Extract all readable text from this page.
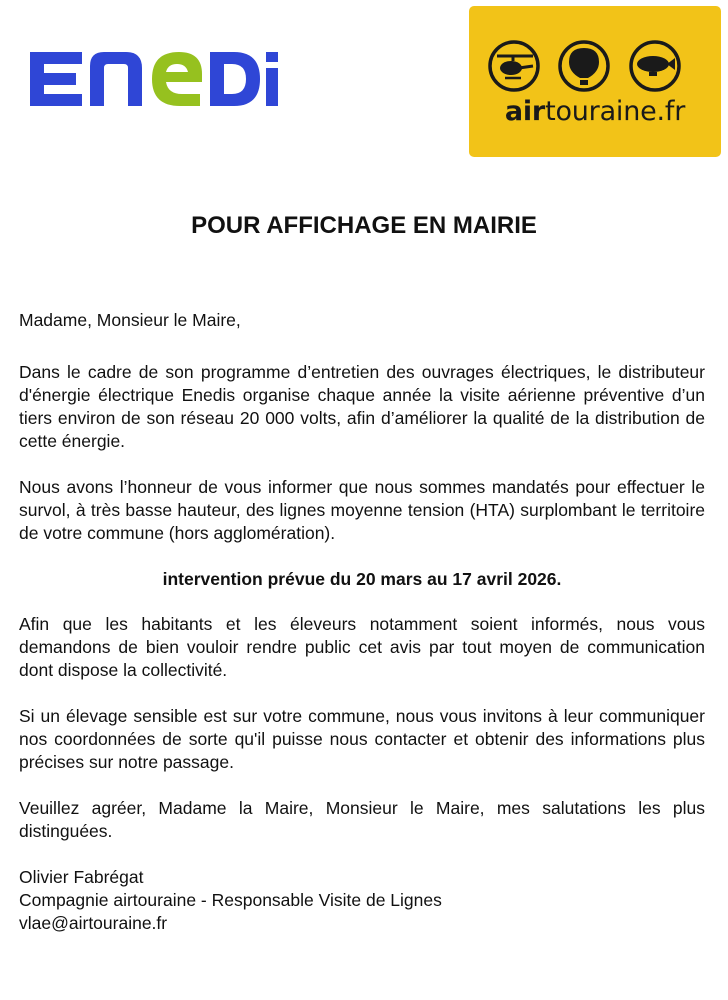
airtouraine.fr
POUR AFFICHAGE EN MAIRIE

Madame, Monsieur le Maire,

Dans le cadre de son programme d’entretien des ouvrages électriques, le distributeur d'énergie électrique Enedis organise chaque année la visite aérienne préventive d’un tiers environ de son réseau 20 000 volts, afin d’améliorer la qualité de la distribution de cette énergie.

Nous avons l’honneur de vous informer que nous sommes mandatés pour effectuer le survol, à très basse hauteur, des lignes moyenne tension (HTA) surplombant le territoire de votre commune (hors agglomération).

intervention prévue du 20 mars au 17 avril 2026.

Afin que les habitants et les éleveurs notamment soient informés, nous vous demandons de bien vouloir rendre public cet avis par tout moyen de communication dont dispose la collectivité.

Si un élevage sensible est sur votre commune, nous vous invitons à leur communiquer nos coordonnées de sorte qu'il puisse nous contacter et obtenir des informations plus précises sur notre passage.

Veuillez agréer, Madame la Maire, Monsieur le Maire, mes salutations les plus distinguées.

Olivier Fabrégat

Compagnie airtouraine - Responsable Visite de Lignes

vlae@airtouraine.fr
